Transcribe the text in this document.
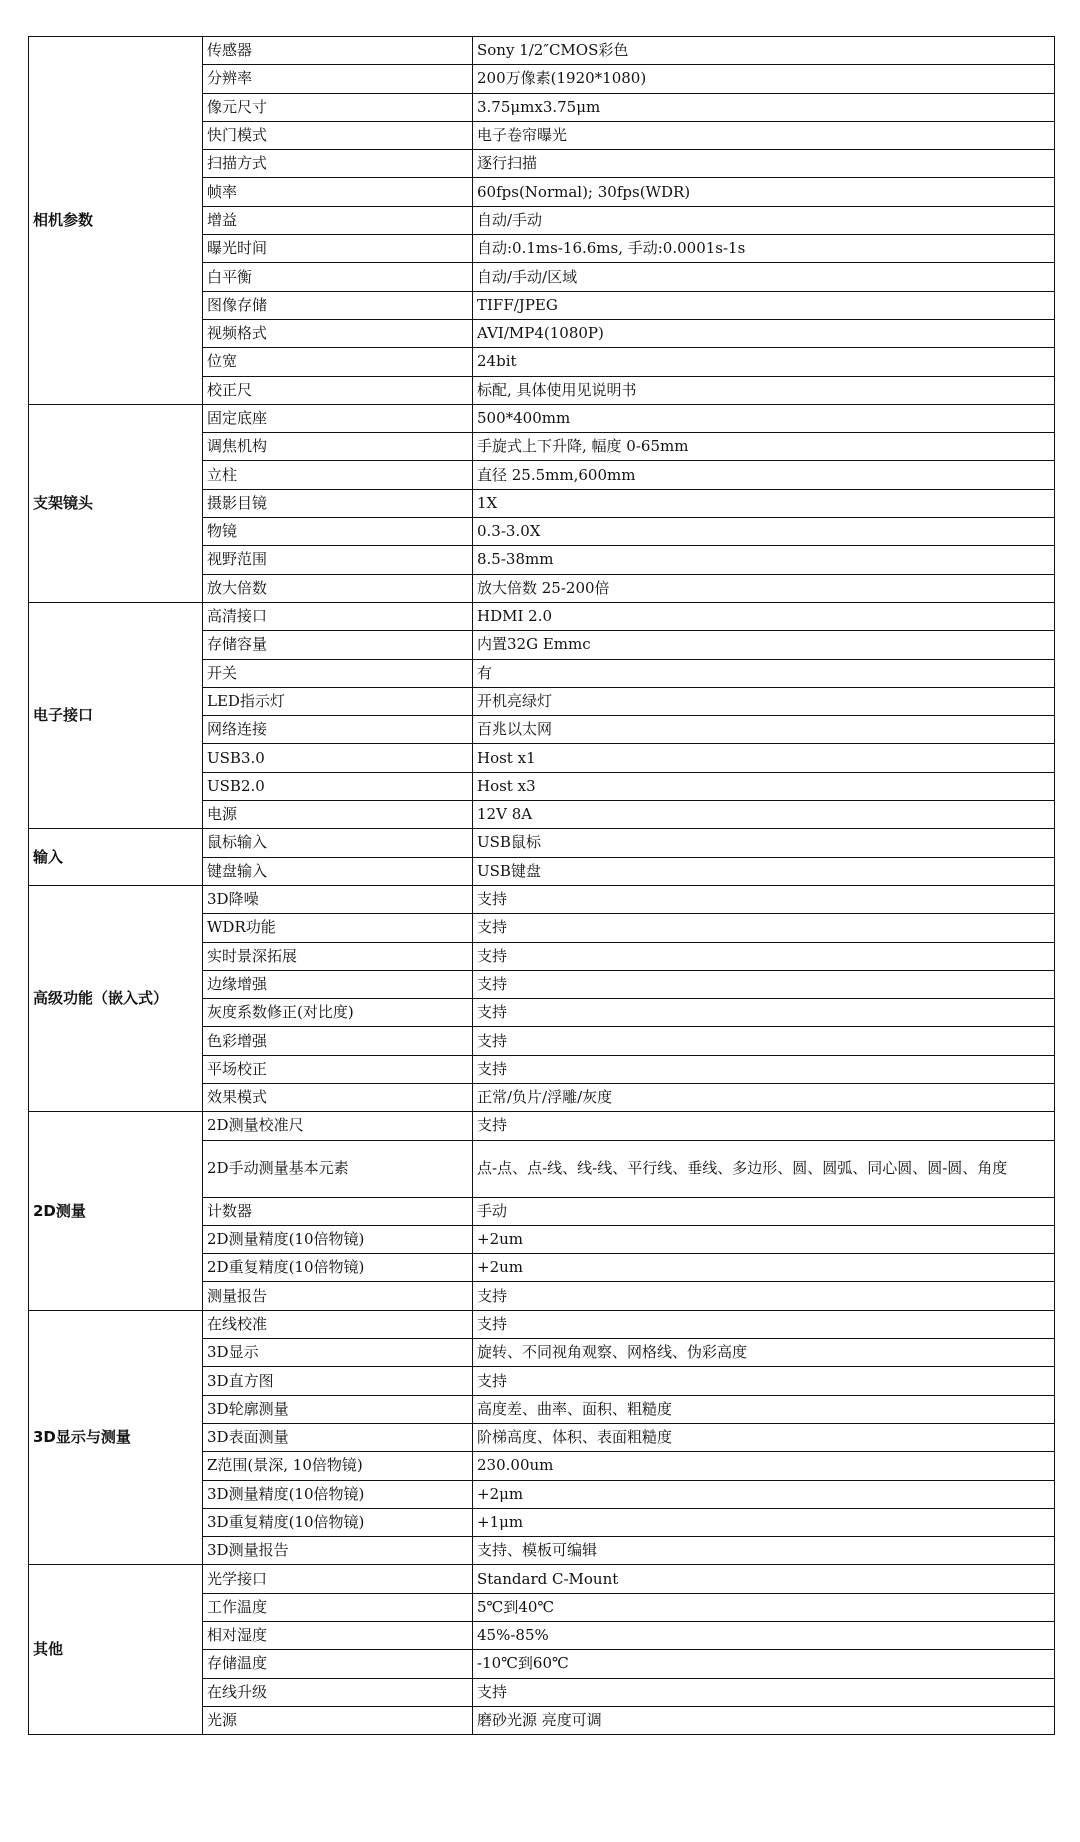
相机参数	传感器	Sony 1/2″CMOS彩色
	分辨率	200万像素(1920*1080)
	像元尺寸	3.75μmx3.75μm
	快门模式	电子卷帘曝光
	扫描方式	逐行扫描
	帧率	60fps(Normal); 30fps(WDR)
	增益	自动/手动
	曝光时间	自动:0.1ms-16.6ms, 手动:0.0001s-1s
	白平衡	自动/手动/区域
	图像存储	TIFF/JPEG
	视频格式	AVI/MP4(1080P)
	位宽	24bit
	校正尺	标配, 具体使用见说明书
支架镜头	固定底座	500*400mm
	调焦机构	手旋式上下升降, 幅度 0-65mm
	立柱	直径 25.5mm,600mm
	摄影目镜	1X
	物镜	0.3-3.0X
	视野范围	8.5-38mm
	放大倍数	放大倍数 25-200倍
电子接口	高清接口	HDMI 2.0
	存储容量	内置32G Emmc
	开关	有
	LED指示灯	开机亮绿灯
	网络连接	百兆以太网
	USB3.0	Host x1
	USB2.0	Host x3
	电源	12V 8A
输入	鼠标输入	USB鼠标
	键盘输入	USB键盘
高级功能（嵌入式）	3D降噪	支持
	WDR功能	支持
	实时景深拓展	支持
	边缘增强	支持
	灰度系数修正(对比度)	支持
	色彩增强	支持
	平场校正	支持
	效果模式	正常/负片/浮雕/灰度
2D测量	2D测量校准尺	支持
	2D手动测量基本元素	点-点、点-线、线-线、平行线、垂线、多边形、圆、圆弧、同心圆、圆-圆、角度
	计数器	手动
	2D测量精度(10倍物镜)	+2um
	2D重复精度(10倍物镜)	+2um
	测量报告	支持
3D显示与测量	在线校准	支持
	3D显示	旋转、不同视角观察、网格线、伪彩高度
	3D直方图	支持
	3D轮廓测量	高度差、曲率、面积、粗糙度
	3D表面测量	阶梯高度、体积、表面粗糙度
	Z范围(景深, 10倍物镜)	230.00um
	3D测量精度(10倍物镜)	+2μm
	3D重复精度(10倍物镜)	+1μm
	3D测量报告	支持、模板可编辑
其他	光学接口	Standard C-Mount
	工作温度	5℃到40℃
	相对湿度	45%-85%
	存储温度	-10℃到60℃
	在线升级	支持
	光源	磨砂光源 亮度可调
